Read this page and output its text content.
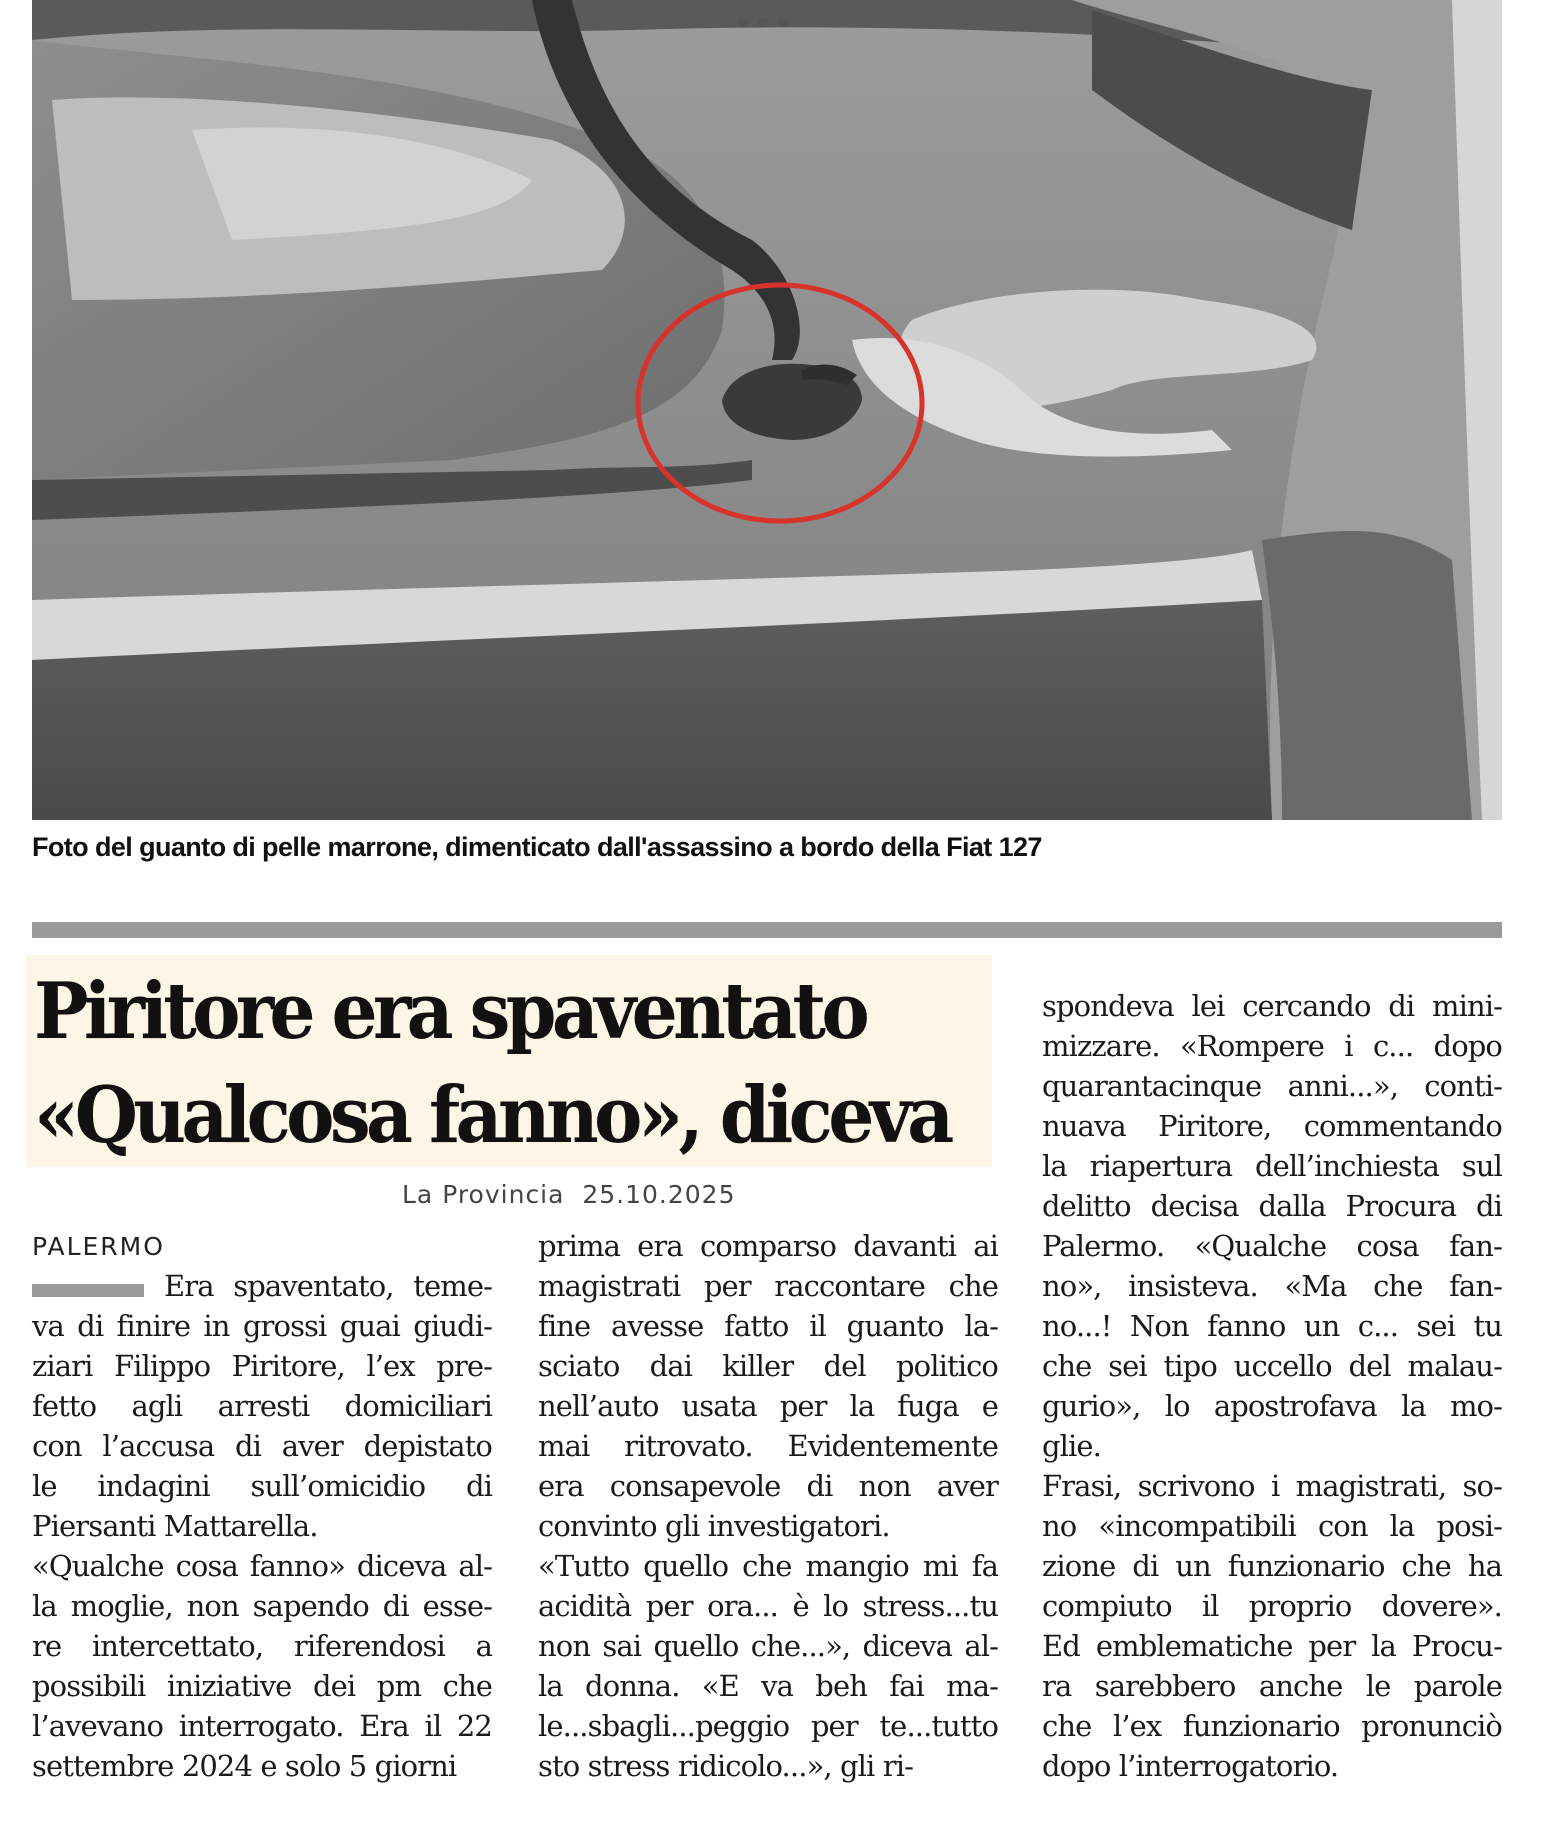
Foto del guanto di pelle marrone, dimenticato dall'assassino a bordo della Fiat 127
Piritore era spaventato
«Qualcosa fanno», diceva
La Provincia  25.10.2025
PALERMO
Era spaventato, teme-
va di finire in grossi guai giudi-
ziari Filippo Piritore, l’ex pre-
fetto agli arresti domiciliari
con l’accusa di aver depistato
le indagini sull’omicidio di
Piersanti Mattarella.
«Qualche cosa fanno» diceva al-
la moglie, non sapendo di esse-
re intercettato, riferendosi a
possibili iniziative dei pm che
l’avevano interrogato. Era il 22
settembre 2024 e solo 5 giorni
prima era comparso davanti ai
magistrati per raccontare che
fine avesse fatto il guanto la-
sciato dai killer del politico
nell’auto usata per la fuga e
mai ritrovato. Evidentemente
era consapevole di non aver
convinto gli investigatori.
«Tutto quello che mangio mi fa
acidità per ora... è lo stress...tu
non sai quello che...», diceva al-
la donna. «E va beh fai ma-
le...sbagli...peggio per te...tutto
sto stress ridicolo...», gli ri-
spondeva lei cercando di mini-
mizzare. «Rompere i c... dopo
quarantacinque anni...», conti-
nuava Piritore, commentando
la riapertura dell’inchiesta sul
delitto decisa dalla Procura di
Palermo. «Qualche cosa fan-
no», insisteva. «Ma che fan-
no...! Non fanno un c... sei tu
che sei tipo uccello del malau-
gurio», lo apostrofava la mo-
glie.
Frasi, scrivono i magistrati, so-
no «incompatibili con la posi-
zione di un funzionario che ha
compiuto il proprio dovere».
Ed emblematiche per la Procu-
ra sarebbero anche le parole
che l’ex funzionario pronunciò
dopo l’interrogatorio.
